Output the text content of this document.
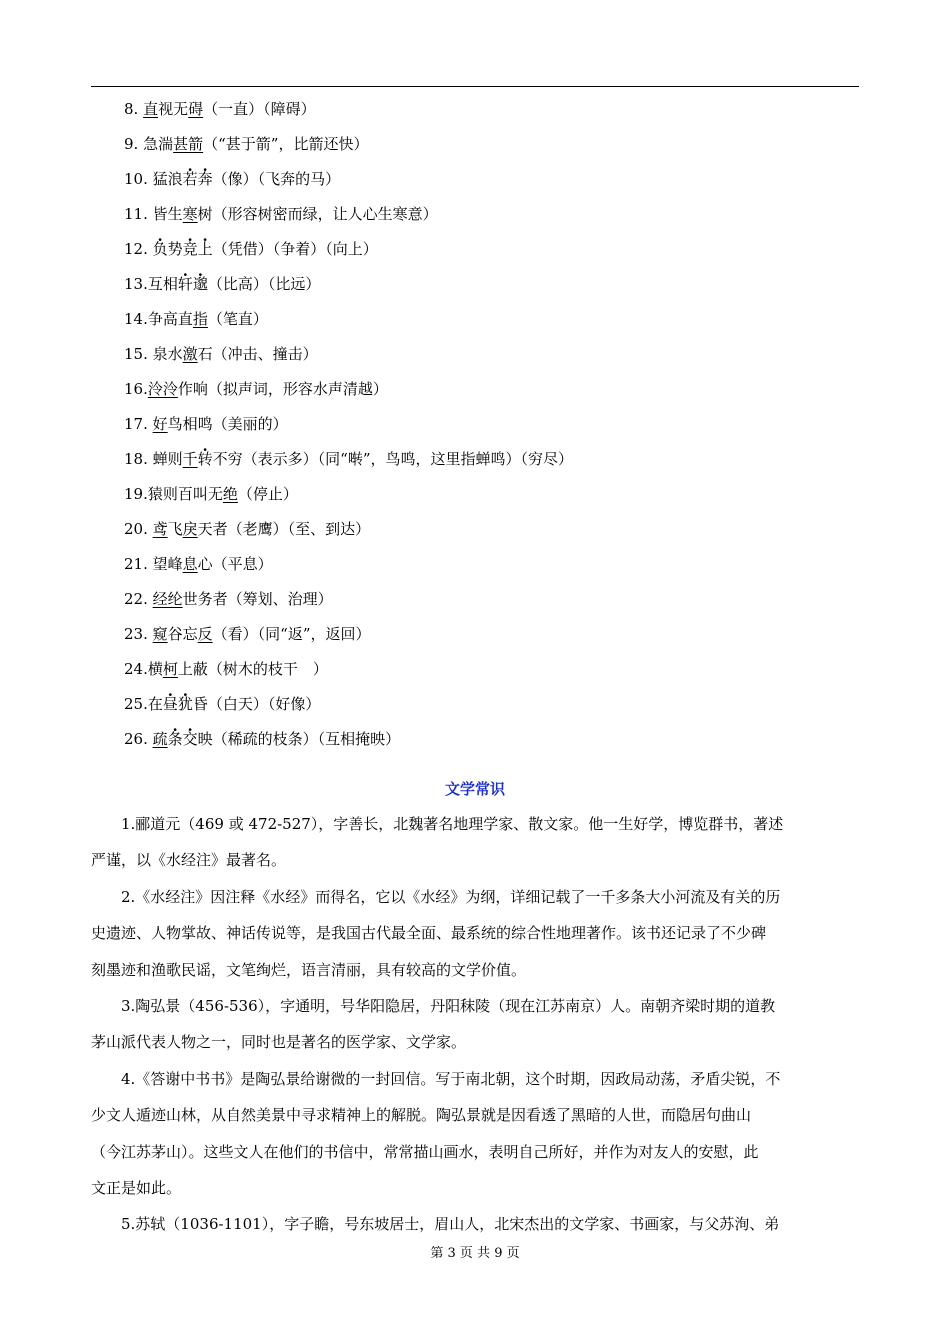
8. 直视无碍（一直）（障碍）
9. 急湍甚箭（“甚于箭”，比箭还快）
10. 猛浪若奔（像）（飞奔的马）
11. 皆生寒树（形容树密而绿，让人心生寒意）
12. 负势竞上（凭借）（争着）（向上）
13.互相轩邈（比高）（比远）
14.争高直指（笔直）
15. 泉水激石（冲击、撞击）
16.泠泠作响（拟声词，形容水声清越）
17. 好鸟相鸣（美丽的）
18. 蝉则千转不穷（表示多）（同“啭”，鸟鸣，这里指蝉鸣）（穷尽）
19.猿则百叫无绝（停止）
20. 鸢飞戾天者（老鹰）（至、到达）
21. 望峰息心（平息）
22. 经纶世务者（筹划、治理）
23. 窥谷忘反（看）（同“返”，返回）
24.横柯上蔽（树木的枝干　）
25.在昼犹昏（白天）（好像）
26. 疏条交映（稀疏的枝条）（互相掩映）
文学常识
1.郦道元（469 或 472-527），字善长，北魏著名地理学家、散文家。他一生好学，博览群书，著述
严谨，以《水经注》最著名。
2.《水经注》因注释《水经》而得名，它以《水经》为纲，详细记载了一千多条大小河流及有关的历
史遗迹、人物掌故、神话传说等，是我国古代最全面、最系统的综合性地理著作。该书还记录了不少碑
刻墨迹和渔歌民谣，文笔绚烂，语言清丽，具有较高的文学价值。
3.陶弘景（456-536），字通明，号华阳隐居，丹阳秣陵（现在江苏南京）人。南朝齐梁时期的道教
茅山派代表人物之一，同时也是著名的医学家、文学家。
4.《答谢中书书》是陶弘景给谢微的一封回信。写于南北朝，这个时期，因政局动荡，矛盾尖锐，不
少文人遁迹山林，从自然美景中寻求精神上的解脱。陶弘景就是因看透了黑暗的人世，而隐居句曲山
（今江苏茅山）。这些文人在他们的书信中，常常描山画水，表明自己所好，并作为对友人的安慰，此
文正是如此。
5.苏轼（1036-1101），字子瞻，号东坡居士，眉山人，北宋杰出的文学家、书画家，与父苏洵、弟
第 3 页 共 9 页
